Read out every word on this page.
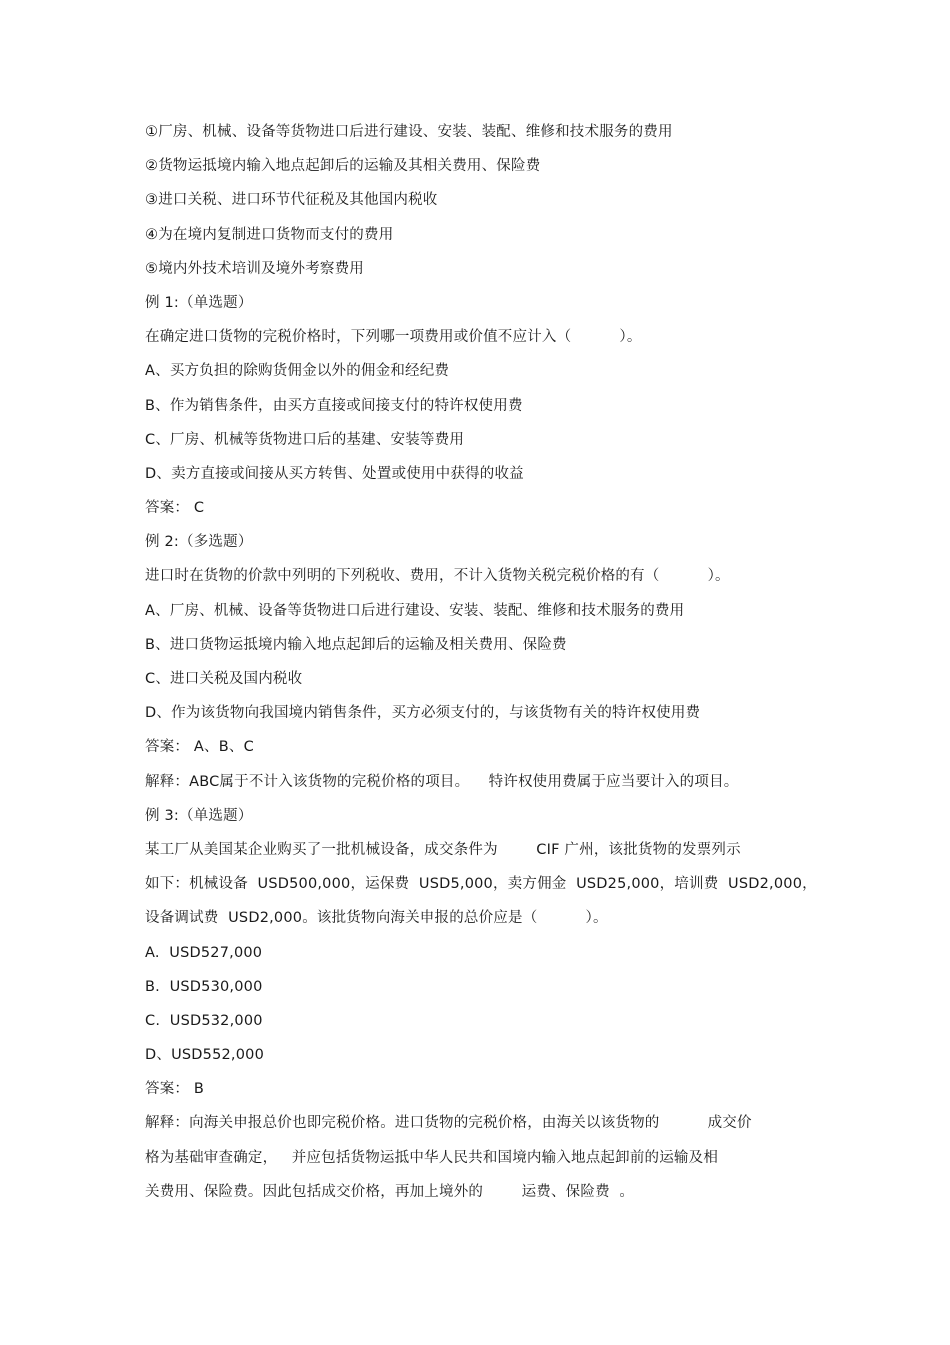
①厂房、机械、设备等货物进口后进行建设、安装、装配、维修和技术服务的费用
②货物运抵境内输入地点起卸后的运输及其相关费用、保险费
③进口关税、进口环节代征税及其他国内税收
④为在境内复制进口货物而支付的费用
⑤境内外技术培训及境外考察费用
例 1:（单选题）
在确定进口货物的完税价格时，下列哪一项费用或价值不应计入（          ）。
A、买方负担的除购货佣金以外的佣金和经纪费
B、作为销售条件，由买方直接或间接支付的特许权使用费
C、厂房、机械等货物进口后的基建、安装等费用
D、卖方直接或间接从买方转售、处置或使用中获得的收益
答案： C
例 2:（多选题）
进口时在货物的价款中列明的下列税收、费用，不计入货物关税完税价格的有（          ）。
A、厂房、机械、设备等货物进口后进行建设、安装、装配、维修和技术服务的费用
B、进口货物运抵境内输入地点起卸后的运输及相关费用、保险费
C、进口关税及国内税收
D、作为该货物向我国境内销售条件，买方必须支付的，与该货物有关的特许权使用费
答案： A、B、C
解释：ABC属于不计入该货物的完税价格的项目。    特许权使用费属于应当要计入的项目。
例 3:（单选题）
某工厂从美国某企业购买了一批机械设备，成交条件为        CIF 广州，该批货物的发票列示
如下：机械设备  USD500,000，运保费  USD5,000，卖方佣金  USD25,000，培训费  USD2,000，
设备调试费  USD2,000。该批货物向海关申报的总价应是（          ）。
A.  USD527,000
B.  USD530,000
C.  USD532,000
D、USD552,000
答案： B
解释：向海关申报总价也即完税价格。进口货物的完税价格，由海关以该货物的          成交价
格为基础审查确定，   并应包括货物运抵中华人民共和国境内输入地点起卸前的运输及相
关费用、保险费。因此包括成交价格，再加上境外的        运费、保险费  。
